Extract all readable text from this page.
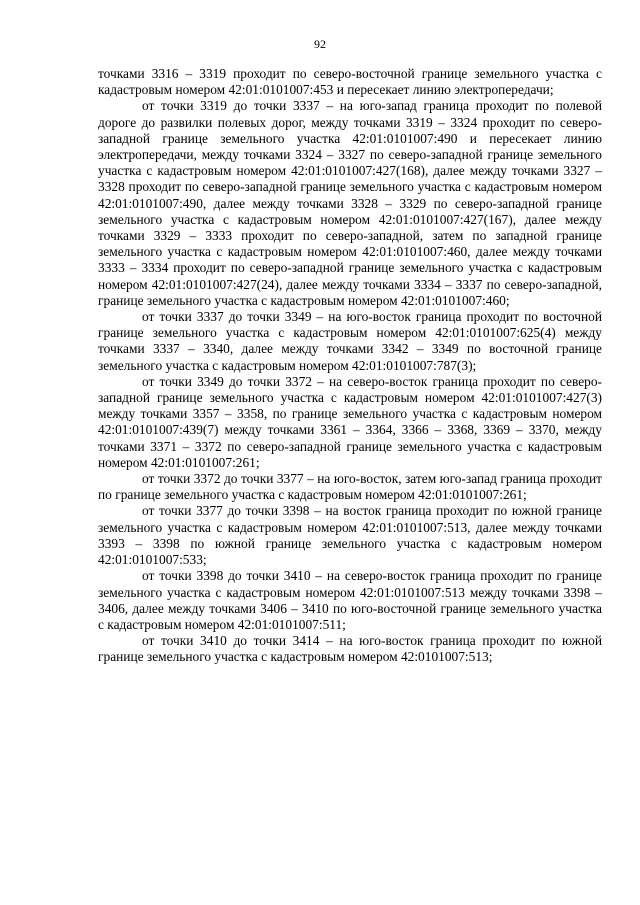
92

точками 3316 – 3319 проходит по северо-восточной границе земельного участка с кадастровым номером 42:01:0101007:453 и пересекает линию электропередачи;

от точки 3319 до точки 3337 – на юго-запад граница проходит по полевой дороге до развилки полевых дорог, между точками 3319 – 3324 проходит по северо-западной границе земельного участка 42:01:0101007:490 и пересекает линию электропередачи, между точками 3324 – 3327 по северо-западной границе земельного участка с кадастровым номером 42:01:0101007:427(168), далее между точками 3327 – 3328 проходит по северо-западной границе земельного участка с кадастровым номером 42:01:0101007:490, далее между точками 3328 – 3329 по северо-западной границе земельного участка с кадастровым номером 42:01:0101007:427(167), далее между точками 3329 – 3333 проходит по северо-западной, затем по западной границе земельного участка с кадастровым номером 42:01:0101007:460, далее между точками 3333 – 3334 проходит по северо-западной границе земельного участка с кадастровым номером 42:01:0101007:427(24), далее между точками 3334 – 3337 по северо-западной, границе земельного участка с кадастровым номером 42:01:0101007:460;

от точки 3337 до точки 3349 – на юго-восток граница проходит по восточной границе земельного участка с кадастровым номером 42:01:0101007:625(4) между точками 3337 – 3340, далее между точками 3342 – 3349 по восточной границе земельного участка с кадастровым номером 42:01:0101007:787(3);

от точки 3349 до точки 3372 – на северо-восток граница проходит по северо-западной границе земельного участка с кадастровым номером 42:01:0101007:427(3) между точками 3357 – 3358, по границе земельного участка с кадастровым номером 42:01:0101007:439(7) между точками 3361 – 3364, 3366 – 3368, 3369 – 3370, между точками 3371 – 3372 по северо-западной границе земельного участка с кадастровым номером 42:01:0101007:261;

от точки 3372 до точки 3377 – на юго-восток, затем юго-запад граница проходит по границе земельного участка с кадастровым номером 42:01:0101007:261;

от точки 3377 до точки 3398 – на восток граница проходит по южной границе земельного участка с кадастровым номером 42:01:0101007:513, далее между точками 3393 – 3398 по южной границе земельного участка с кадастровым номером 42:01:0101007:533;

от точки 3398 до точки 3410 – на северо-восток граница проходит по границе земельного участка с кадастровым номером 42:01:0101007:513 между точками 3398 – 3406, далее между точками 3406 – 3410 по юго-восточной границе земельного участка с кадастровым номером 42:01:0101007:511;

от точки 3410 до точки 3414 – на юго-восток граница проходит по южной границе земельного участка с кадастровым номером 42:0101007:513;
